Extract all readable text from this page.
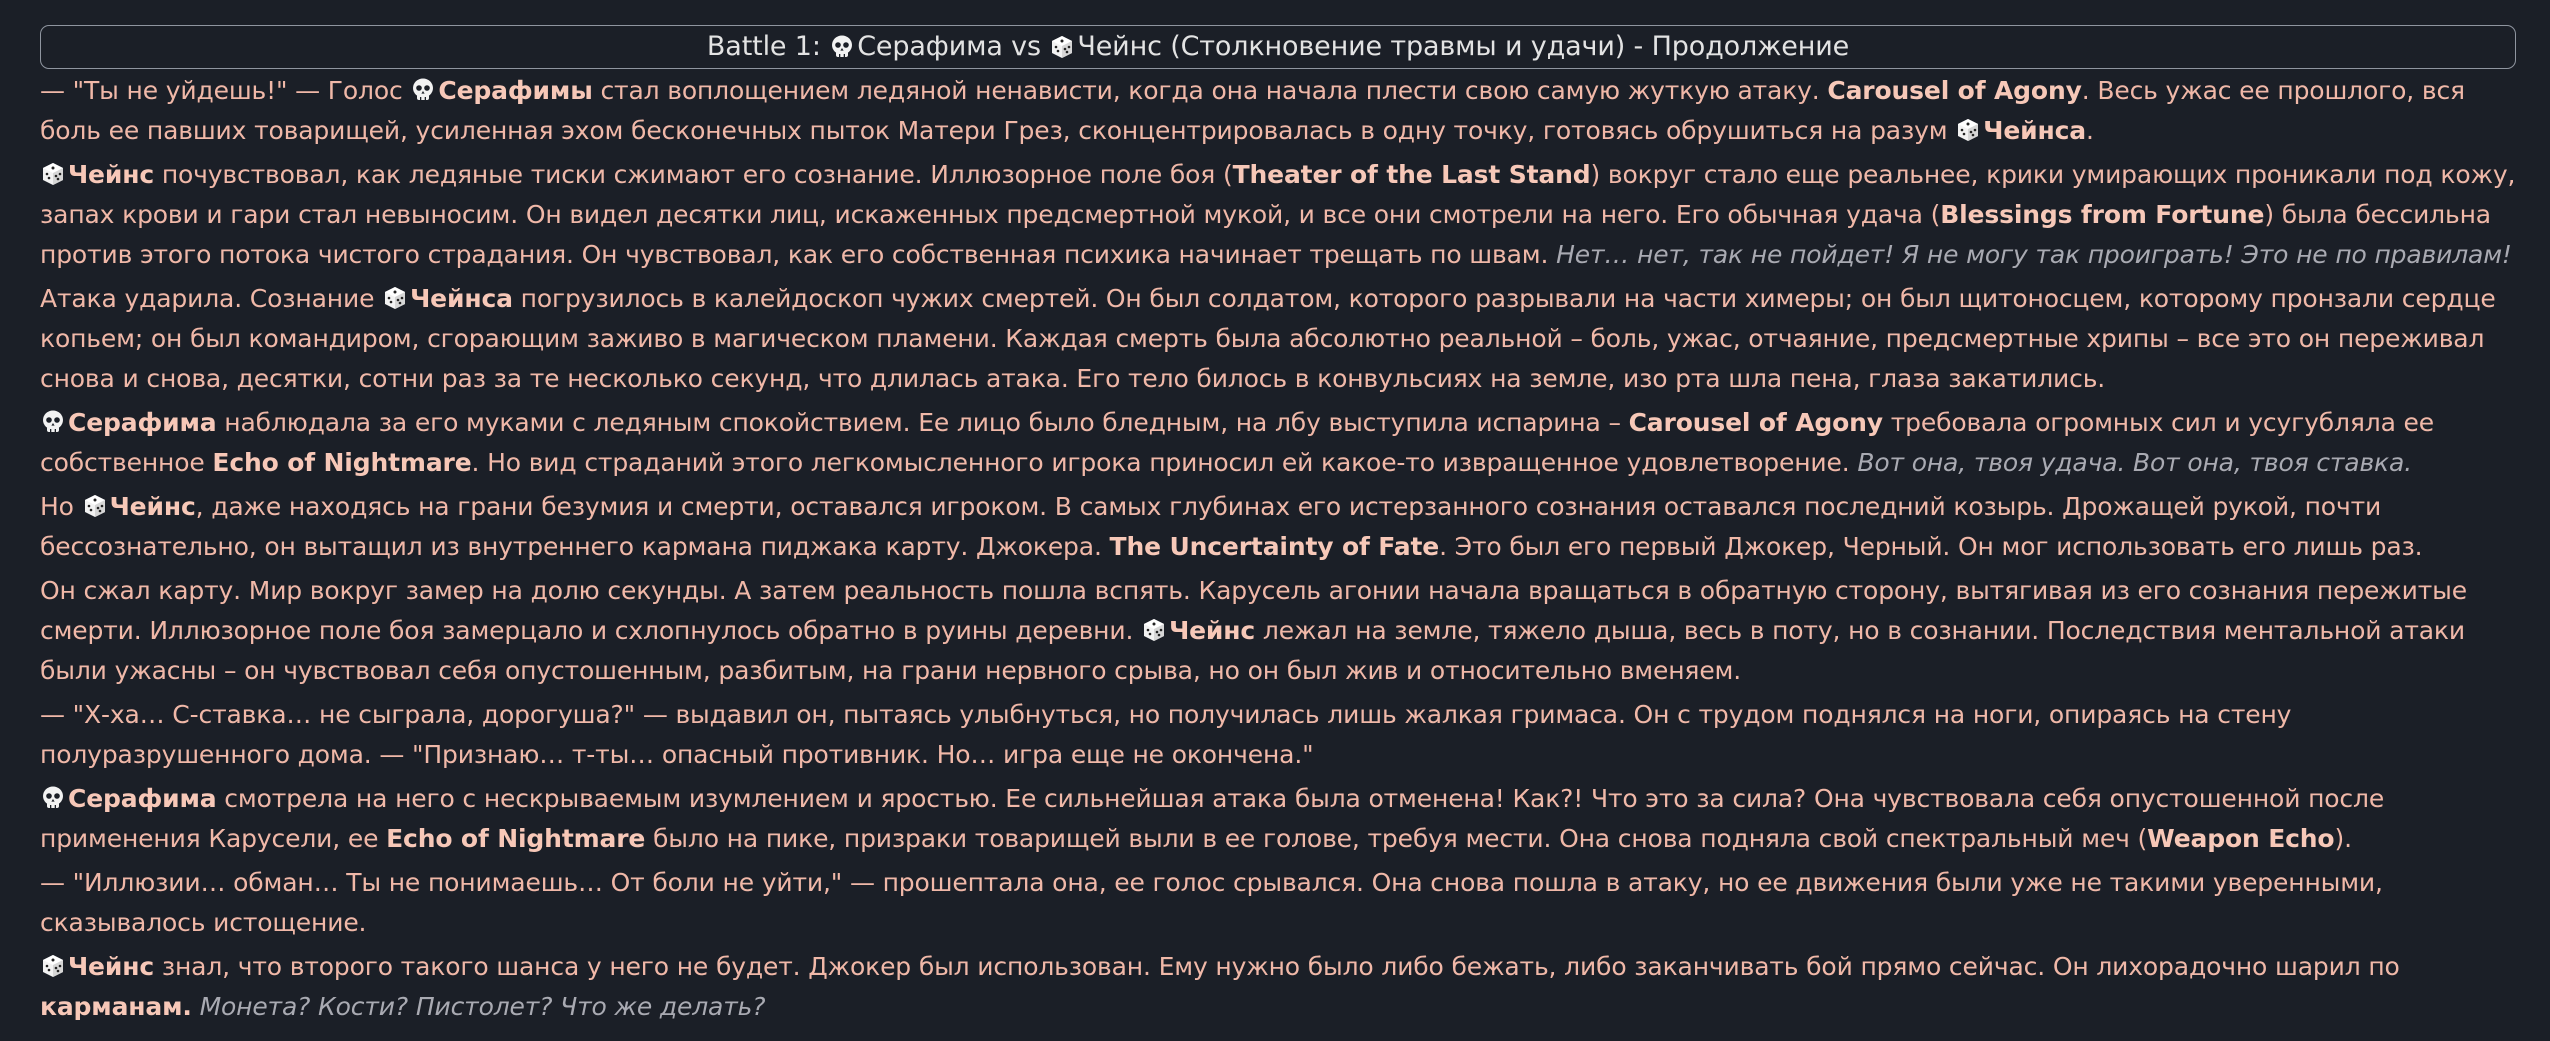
Battle 1:
Серафима
vs
Чейнс
(Столкновение травмы и удачи) - Продолжение

— "Ты не уйдешь!" — Голос
Серафимы стал воплощением ледяной ненависти, когда она начала плести свою самую жуткую атаку. Carousel of Agony. Весь ужас ее прошлого, вся боль ее павших товарищей, усиленная эхом бесконечных пыток Матери Грез, сконцентрировалась в одну точку, готовясь обрушиться на разум
Чейнса.

Чейнс почувствовал, как ледяные тиски сжимают его сознание. Иллюзорное поле боя (Theater of the Last Stand) вокруг стало еще реальнее, крики умирающих проникали под кожу, запах крови и гари стал невыносим. Он видел десятки лиц, искаженных предсмертной мукой, и все они смотрели на него. Его обычная удача (Blessings from Fortune) была бессильна против этого потока чистого страдания. Он чувствовал, как его собственная психика начинает трещать по швам. Нет… нет, так не пойдет! Я не могу так проиграть! Это не по правилам!

Атака ударила. Сознание
Чейнса погрузилось в калейдоскоп чужих смертей. Он был солдатом, которого разрывали на части химеры; он был щитоносцем, которому пронзали сердце копьем; он был командиром, сгорающим заживо в магическом пламени. Каждая смерть была абсолютно реальной – боль, ужас, отчаяние, предсмертные хрипы – все это он переживал снова и снова, десятки, сотни раз за те несколько секунд, что длилась атака. Его тело билось в конвульсиях на земле, изо рта шла пена, глаза закатились.

Серафима наблюдала за его муками с ледяным спокойствием. Ее лицо было бледным, на лбу выступила испарина – Carousel of Agony требовала огромных сил и усугубляла ее собственное Echo of Nightmare. Но вид страданий этого легкомысленного игрока приносил ей какое-то извращенное удовлетворение. Вот она, твоя удача. Вот она, твоя ставка.

Но
Чейнс, даже находясь на грани безумия и смерти, оставался игроком. В самых глубинах его истерзанного сознания оставался последний козырь. Дрожащей рукой, почти бессознательно, он вытащил из внутреннего кармана пиджака карту. Джокера. The Uncertainty of Fate. Это был его первый Джокер, Черный. Он мог использовать его лишь раз.

Он сжал карту. Мир вокруг замер на долю секунды. А затем реальность пошла вспять. Карусель агонии начала вращаться в обратную сторону, вытягивая из его сознания пережитые смерти. Иллюзорное поле боя замерцало и схлопнулось обратно в руины деревни.
Чейнс лежал на земле, тяжело дыша, весь в поту, но в сознании. Последствия ментальной атаки были ужасны – он чувствовал себя опустошенным, разбитым, на грани нервного срыва, но он был жив и относительно вменяем.

— "Х-ха… С-ставка… не сыграла, дорогуша?" — выдавил он, пытаясь улыбнуться, но получилась лишь жалкая гримаса. Он с трудом поднялся на ноги, опираясь на стену полуразрушенного дома. — "Признаю… т-ты… опасный противник. Но… игра еще не окончена."

Серафима смотрела на него с нескрываемым изумлением и яростью. Ее сильнейшая атака была отменена! Как?! Что это за сила? Она чувствовала себя опустошенной после применения Карусели, ее Echo of Nightmare было на пике, призраки товарищей выли в ее голове, требуя мести. Она снова подняла свой спектральный меч (Weapon Echo).

— "Иллюзии… обман… Ты не понимаешь… От боли не уйти," — прошептала она, ее голос срывался. Она снова пошла в атаку, но ее движения были уже не такими уверенными, сказывалось истощение.

Чейнс знал, что второго такого шанса у него не будет. Джокер был использован. Ему нужно было либо бежать, либо заканчивать бой прямо сейчас. Он лихорадочно шарил по карманам. Монета? Кости? Пистолет? Что же делать?
